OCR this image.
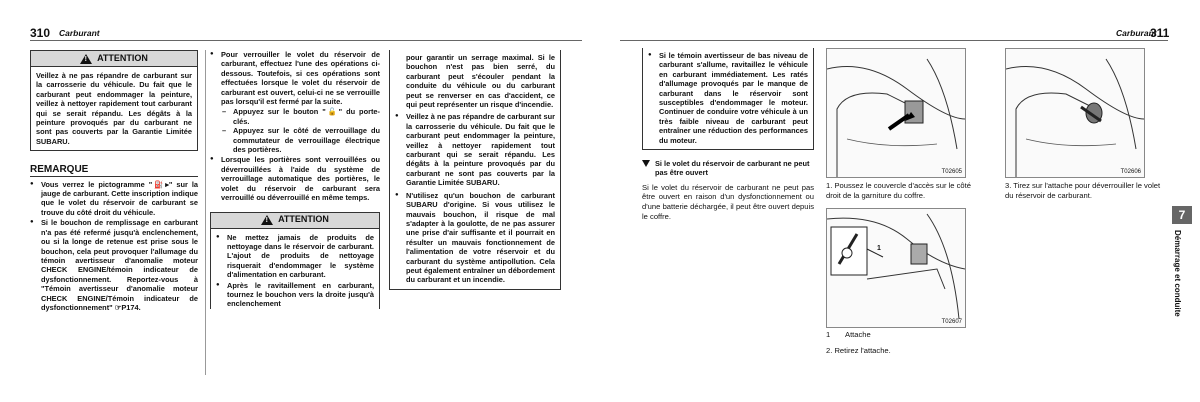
310 Carburant
!
ATTENTION
Veillez à ne pas répandre de carburant sur la carrosserie du véhicule. Du fait que le carburant peut endommager la peinture, veillez à nettoyer rapidement tout carburant qui se serait répandu. Les dégâts à la peinture provoqués par du carburant ne sont pas couverts par la Garantie Limitée SUBARU.
REMARQUE
● Vous verrez le pictogramme "⛽▸" sur la jauge de carburant. Cette inscription indique que le volet du réservoir de carburant se trouve du côté droit du véhicule.
● Si le bouchon de remplissage en carburant n'a pas été refermé jusqu'à enclenchement, ou si la longe de retenue est prise sous le bouchon, cela peut provoquer l'allumage du témoin avertisseur d'anomalie moteur CHECK ENGINE/témoin indicateur de dysfonctionnement. Reportez-vous à "Témoin avertisseur d'anomalie moteur CHECK ENGINE/Témoin indicateur de dysfonctionnement" ☞P174.
● Pour verrouiller le volet du réservoir de carburant, effectuez l'une des opérations ci-dessous. Toutefois, si ces opérations sont effectuées lorsque le volet du réservoir de carburant est ouvert, celui-ci ne se verrouille pas lorsqu'il est fermé par la suite.
– Appuyez sur le bouton "🔓" du porte-clés.
– Appuyez sur le côté de verrouillage du commutateur de verrouillage électrique des portières.
● Lorsque les portières sont verrouillées ou déverrouillées à l'aide du système de verrouillage automatique des portières, le volet du réservoir de carburant sera verrouillé ou déverrouillé en même temps.
!
ATTENTION
● Ne mettez jamais de produits de nettoyage dans le réservoir de carburant. L'ajout de produits de nettoyage risquerait d'endommager le système d'alimentation en carburant.
● Après le ravitaillement en carburant, tournez le bouchon vers la droite jusqu'à enclenchement
pour garantir un serrage maximal. Si le bouchon n'est pas bien serré, du carburant peut s'écouler pendant la conduite du véhicule ou du carburant peut se renverser en cas d'accident, ce qui peut représenter un risque d'incendie.
● Veillez à ne pas répandre de carburant sur la carrosserie du véhicule. Du fait que le carburant peut endommager la peinture, veillez à nettoyer rapidement tout carburant qui se serait répandu. Les dégâts à la peinture provoqués par du carburant ne sont pas couverts par la Garantie Limitée SUBARU.
● N'utilisez qu'un bouchon de carburant SUBARU d'origine. Si vous utilisez le mauvais bouchon, il risque de mal s'adapter à la goulotte, de ne pas assurer une prise d'air suffisante et il pourrait en résulter un mauvais fonctionnement de l'alimentation de votre réservoir et du carburant du système antipollution. Cela peut également entraîner un débordement du carburant et un incendie.
Carburant
311
● Si le témoin avertisseur de bas niveau de carburant s'allume, ravitaillez le véhicule en carburant immédiatement. Les ratés d'allumage provoqués par le manque de carburant dans le réservoir sont susceptibles d'endommager le moteur. Continuer de conduire votre véhicule à un très faible niveau de carburant peut entraîner une réduction des performances du moteur.
Si le volet du réservoir de carburant ne peut pas être ouvert
Si le volet du réservoir de carburant ne peut pas être ouvert en raison d'un dysfonctionnement ou d'une batterie déchargée, il peut être ouvert depuis le coffre.
T02605	T02606
1. Poussez le couvercle d'accès sur le côté droit de la garniture du coffre.
3. Tirez sur l'attache pour déverrouiller le volet du réservoir de carburant.
1
T02607
1 Attache
2. Retirez l'attache.
7
Démarrage et conduite
